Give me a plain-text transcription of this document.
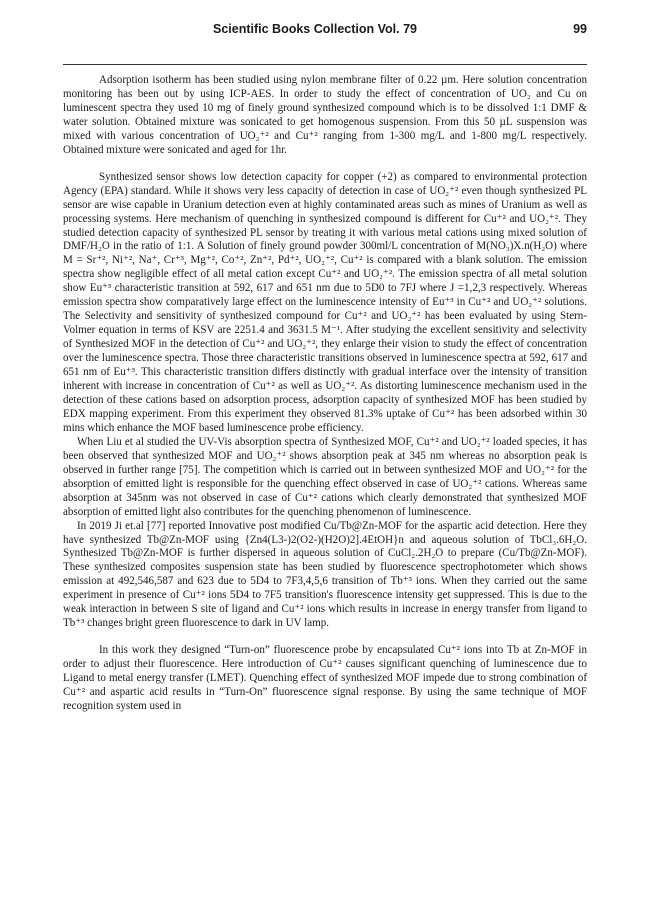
Scientific Books Collection Vol. 79	99

Adsorption isotherm has been studied using nylon membrane filter of 0.22 µm. Here solution concentration monitoring has been out by using ICP-AES. In order to study the effect of concentration of UO₂ and Cu on luminescent spectra they used 10 mg of finely ground synthesized compound which is to be dissolved 1:1 DMF & water solution. Obtained mixture was sonicated to get homogenous suspension. From this 50 µL suspension was mixed with various concentration of UO₂⁺² and Cu⁺² ranging from 1-300 mg/L and 1-800 mg/L respectively. Obtained mixture were sonicated and aged for 1hr.

Synthesized sensor shows low detection capacity for copper (+2) as compared to environmental protection Agency (EPA) standard. While it shows very less capacity of detection in case of UO₂⁺² even though synthesized PL sensor are wise capable in Uranium detection even at highly contaminated areas such as mines of Uranium as well as processing systems. Here mechanism of quenching in synthesized compound is different for Cu⁺² and UO₂⁺². They studied detection capacity of synthesized PL sensor by treating it with various metal cations using mixed solution of DMF/H₂O in the ratio of 1:1. A Solution of finely ground powder 300ml/L concentration of M(NO₃)X.n(H₂O) where M = Sr⁺², Ni⁺², Na⁺, Cr⁺³, Mg⁺², Co⁺², Zn⁺², Pd⁺², UO₂⁺², Cu⁺² is compared with a blank solution. The emission spectra show negligible effect of all metal cation except Cu⁺² and UO₂⁺². The emission spectra of all metal solution show Eu⁺³ characteristic transition at 592, 617 and 651 nm due to 5D0 to 7FJ where J =1,2,3 respectively. Whereas emission spectra show comparatively large effect on the luminescence intensity of Eu⁺³ in Cu⁺² and UO₂⁺² solutions. The Selectivity and sensitivity of synthesized compound for Cu⁺² and UO₂⁺² has been evaluated by using Stern-Volmer equation in terms of KSV are 2251.4 and 3631.5 M⁻¹. After studying the excellent sensitivity and selectivity of Synthesized MOF in the detection of Cu⁺² and UO₂⁺², they enlarge their vision to study the effect of concentration over the luminescence spectra. Those three characteristic transitions observed in luminescence spectra at 592, 617 and 651 nm of Eu⁺³. This characteristic transition differs distinctly with gradual interface over the intensity of transition inherent with increase in concentration of Cu⁺² as well as UO₂⁺². As distorting luminescence mechanism used in the detection of these cations based on adsorption process, adsorption capacity of synthesized MOF has been studied by EDX mapping experiment. From this experiment they observed 81.3% uptake of Cu⁺² has been adsorbed within 30 mins which enhance the MOF based luminescence probe efficiency.

When Liu et al studied the UV-Vis absorption spectra of Synthesized MOF, Cu⁺² and UO₂⁺² loaded species, it has been observed that synthesized MOF and UO₂⁺² shows absorption peak at 345 nm whereas no absorption peak is observed in further range [75]. The competition which is carried out in between synthesized MOF and UO₂⁺² for the absorption of emitted light is responsible for the quenching effect observed in case of UO₂⁺² cations. Whereas same absorption at 345nm was not observed in case of Cu⁺² cations which clearly demonstrated that synthesized MOF absorption of emitted light also contributes for the quenching phenomenon of luminescence.

In 2019 Ji et.al [77] reported Innovative post modified Cu/Tb@Zn-MOF for the aspartic acid detection. Here they have synthesized Tb@Zn-MOF using {Zn4(L3-)2(O2-)(H2O)2].4EtOH}n and aqueous solution of TbCl₃.6H₂O. Synthesized Tb@Zn-MOF is further dispersed in aqueous solution of CuCl₂.2H₂O to prepare (Cu/Tb@Zn-MOF). These synthesized composites suspension state has been studied by fluorescence spectrophotometer which shows emission at 492,546,587 and 623 due to 5D4 to 7F3,4,5,6 transition of Tb⁺³ ions. When they carried out the same experiment in presence of Cu⁺² ions 5D4 to 7F5 transition's fluorescence intensity get suppressed. This is due to the weak interaction in between S site of ligand and Cu⁺² ions which results in increase in energy transfer from ligand to Tb⁺³ changes bright green fluorescence to dark in UV lamp.

In this work they designed “Turn-on” fluorescence probe by encapsulated Cu⁺² ions into Tb at Zn-MOF in order to adjust their fluorescence. Here introduction of Cu⁺² causes significant quenching of luminescence due to Ligand to metal energy transfer (LMET). Quenching effect of synthesized MOF impede due to strong combination of Cu⁺² and aspartic acid results in “Turn-On” fluorescence signal response. By using the same technique of MOF recognition system used in
